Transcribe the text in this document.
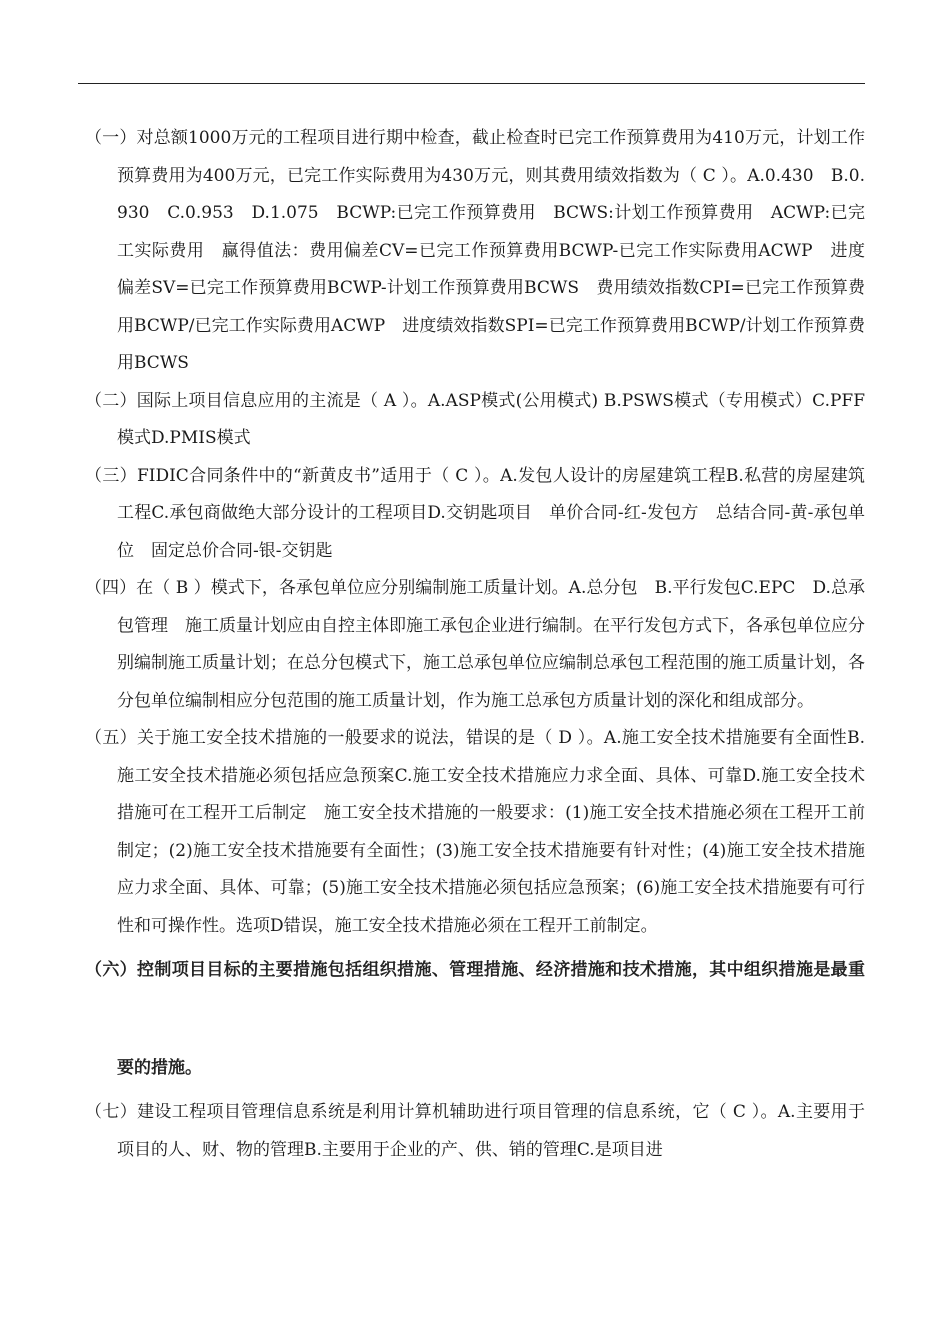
（一）对总额1000万元的工程项目进行期中检查，截止检查时已完工作预算费用为410万元，计划工作预算费用为400万元，已完工作实际费用为430万元，则其费用绩效指数为（ C ）。A.0.430　B.0.930　C.0.953　D.1.075　BCWP:已完工作预算费用　BCWS:计划工作预算费用　ACWP:已完工实际费用　赢得值法：费用偏差CV=已完工作预算费用BCWP-已完工作实际费用ACWP　进度偏差SV=已完工作预算费用BCWP-计划工作预算费用BCWS　费用绩效指数CPI=已完工作预算费用BCWP/已完工作实际费用ACWP　进度绩效指数SPI=已完工作预算费用BCWP/计划工作预算费用BCWS

（二）国际上项目信息应用的主流是（ A ）。A.ASP模式(公用模式) B.PSWS模式（专用模式）C.PFF模式D.PMIS模式

（三）FIDIC合同条件中的“新黄皮书”适用于（ C ）。A.发包人设计的房屋建筑工程B.私营的房屋建筑工程C.承包商做绝大部分设计的工程项目D.交钥匙项目　单价合同-红-发包方　总结合同-黄-承包单位　固定总价合同-银-交钥匙

（四）在（ B ）模式下，各承包单位应分别编制施工质量计划。A.总分包　B.平行发包C.EPC　D.总承包管理　施工质量计划应由自控主体即施工承包企业进行编制。在平行发包方式下，各承包单位应分别编制施工质量计划；在总分包模式下，施工总承包单位应编制总承包工程范围的施工质量计划，各分包单位编制相应分包范围的施工质量计划，作为施工总承包方质量计划的深化和组成部分。

（五）关于施工安全技术措施的一般要求的说法，错误的是（ D ）。A.施工安全技术措施要有全面性B.施工安全技术措施必须包括应急预案C.施工安全技术措施应力求全面、具体、可靠D.施工安全技术措施可在工程开工后制定　施工安全技术措施的一般要求：(1)施工安全技术措施必须在工程开工前制定；(2)施工安全技术措施要有全面性；(3)施工安全技术措施要有针对性；(4)施工安全技术措施应力求全面、具体、可靠；(5)施工安全技术措施必须包括应急预案；(6)施工安全技术措施要有可行性和可操作性。选项D错误，施工安全技术措施必须在工程开工前制定。

（六）控制项目目标的主要措施包括组织措施、管理措施、经济措施和技术措施，其中组织措施是最重要的措施。

（七）建设工程项目管理信息系统是利用计算机辅助进行项目管理的信息系统，它（ C ）。A.主要用于项目的人、财、物的管理B.主要用于企业的产、供、销的管理C.是项目进
